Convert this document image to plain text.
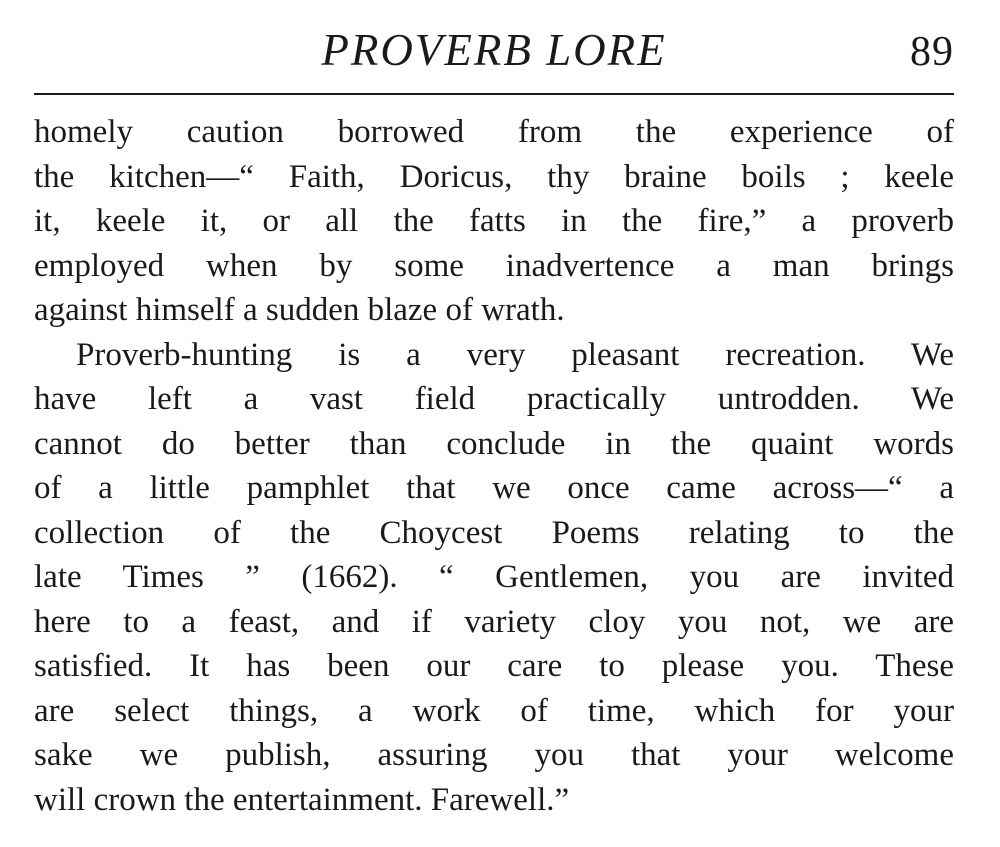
PROVERB LORE	89
homely caution borrowed from the experience of
the kitchen—“ Faith, Doricus, thy braine boils ; keele
it, keele it, or all the fatts in the fire,” a proverb
employed when by some inadvertence a man brings
against himself a sudden blaze of wrath.
Proverb-hunting is a very pleasant recreation. We
have left a vast field practically untrodden. We
cannot do better than conclude in the quaint words
of a little pamphlet that we once came across—“ a
collection of the Choycest Poems relating to the
late Times ” (1662). “ Gentlemen, you are invited
here to a feast, and if variety cloy you not, we are
satisfied. It has been our care to please you. These
are select things, a work of time, which for your
sake we publish, assuring you that your welcome
will crown the entertainment. Farewell.”
